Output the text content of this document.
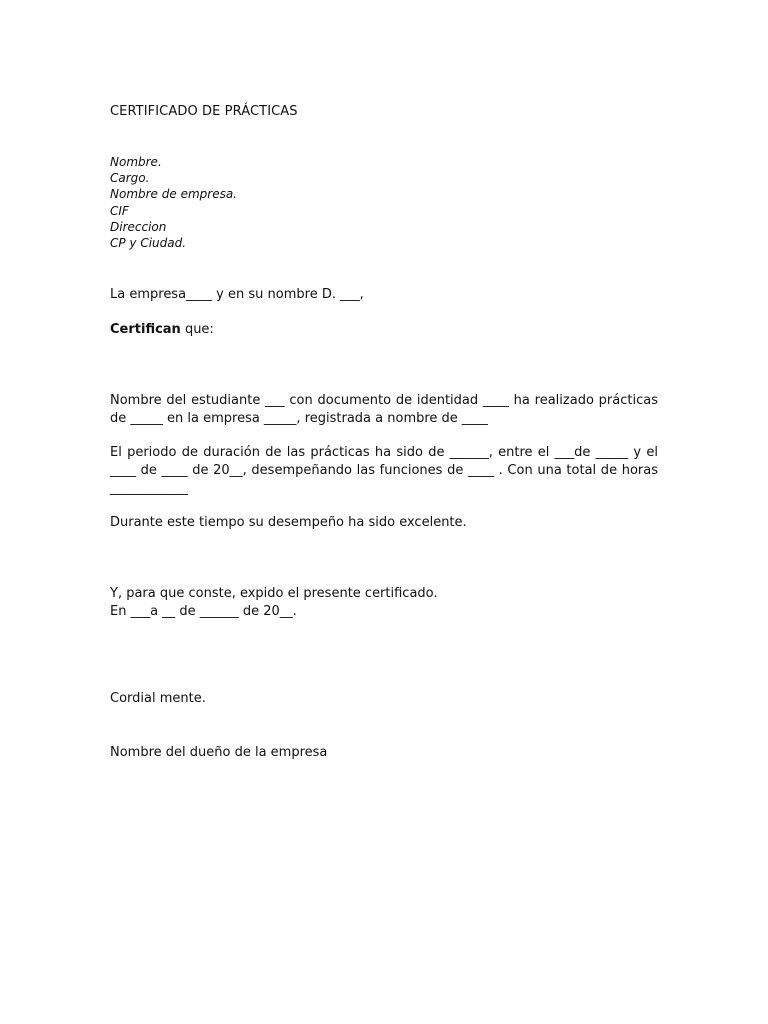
CERTIFICADO DE PRÁCTICAS
Nombre.
Cargo.
Nombre de empresa.
CIF
Direccion
CP y Ciudad.
La empresa____ y en su nombre D. ___,
Certifican que:
Nombre del estudiante ___ con documento de identidad ____ ha realizado prácticas
de _____ en la empresa _____, registrada a nombre de ____
El periodo de duración de las prácticas ha sido de ______, entre el ___de _____ y el
____ de ____ de 20__, desempeñando las funciones de ____ . Con una total de horas
____________
Durante este tiempo su desempeño ha sido excelente.
Y, para que conste, expido el presente certificado.
En ___a __ de ______ de 20__.
Cordial mente.
Nombre del dueño de la empresa
